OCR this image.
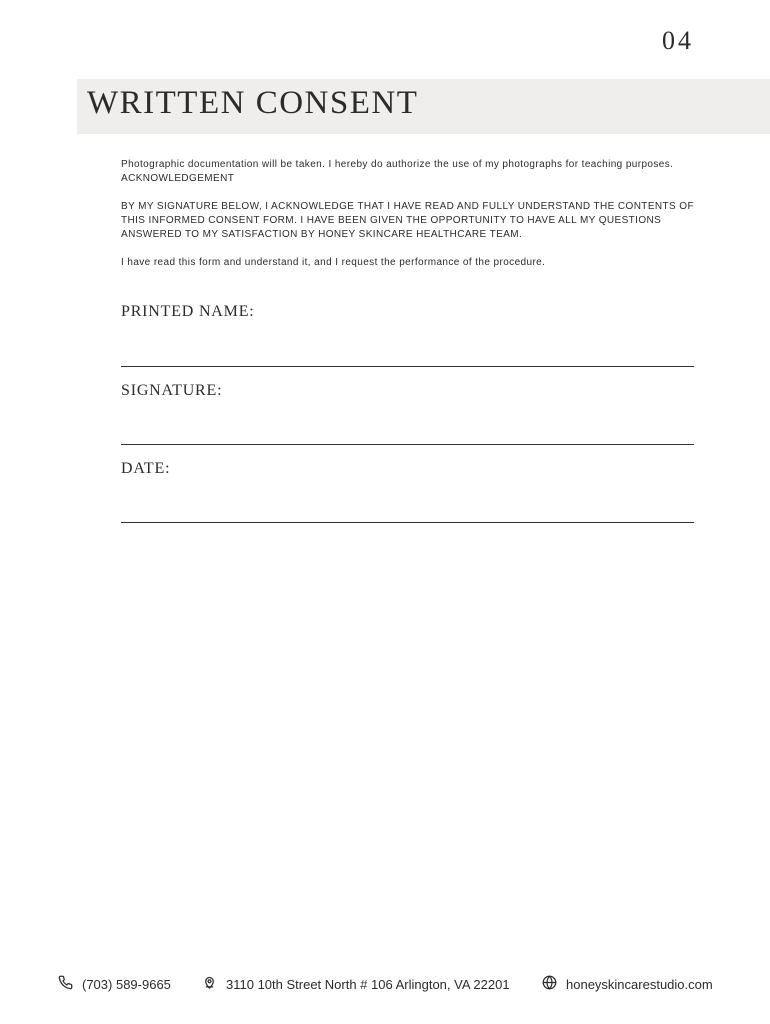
04
WRITTEN CONSENT

Photographic documentation will be taken. I hereby do authorize the use of my photographs for teaching purposes.

ACKNOWLEDGEMENT

BY MY SIGNATURE BELOW, I ACKNOWLEDGE THAT I HAVE READ AND FULLY UNDERSTAND THE CONTENTS OF THIS INFORMED CONSENT FORM. I HAVE BEEN GIVEN THE OPPORTUNITY TO HAVE ALL MY QUESTIONS ANSWERED TO MY SATISFACTION BY HONEY SKINCARE HEALTHCARE TEAM.

I have read this form and understand it, and I request the performance of the procedure.

PRINTED NAME:
SIGNATURE:
DATE:
(703) 589-9665	3110 10th Street North # 106 Arlington, VA 22201	honeyskincarestudio.com
